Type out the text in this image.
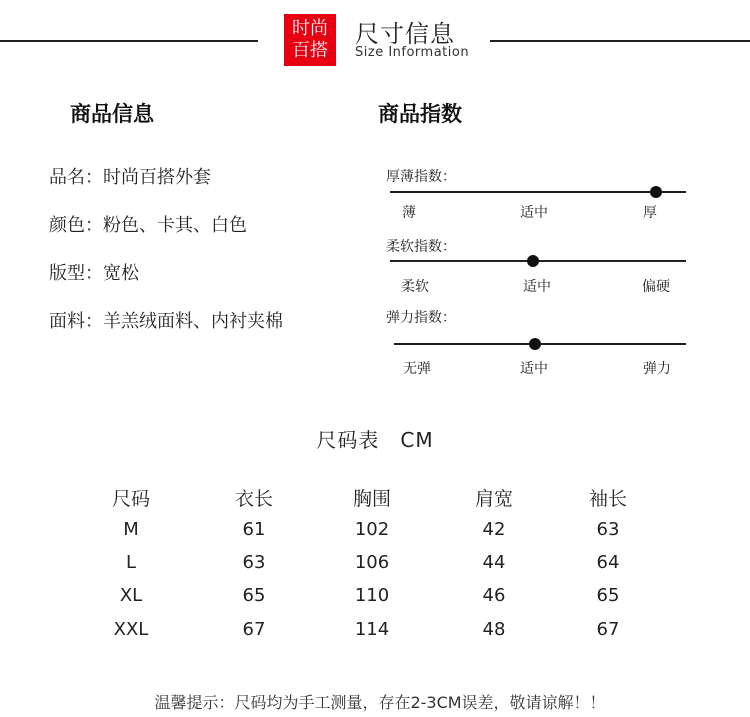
时尚
百搭
尺寸信息
Size Information
商品信息	商品指数
品名：时尚百搭外套
颜色：粉色、卡其、白色
版型：宽松
面料：羊羔绒面料、内衬夹棉
厚薄指数：
薄	适中	厚
柔软指数：
柔软	适中	偏硬
弹力指数：
无弹	适中	弹力
尺码表　CM
尺码	衣长	胸围	肩宽	袖长
M	61	102	42	63
L	63	106	44	64
XL	65	110	46	65
XXL	67	114	48	67
温馨提示：尺码均为手工测量，存在2-3CM误差，敬请谅解！！
